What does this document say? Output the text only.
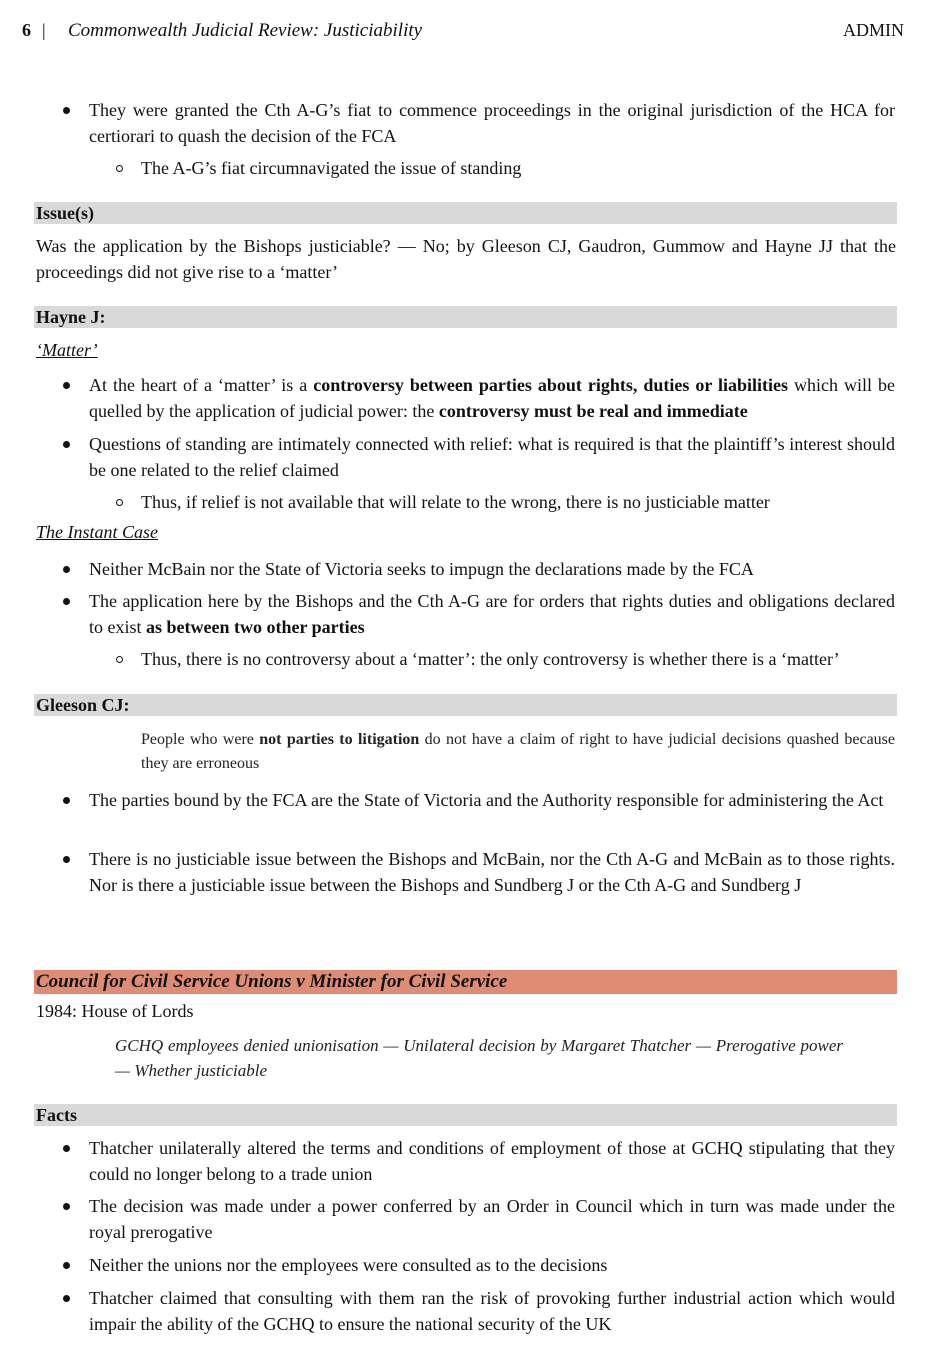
6 | Commonwealth Judicial Review: Justiciability	ADMIN
They were granted the Cth A-G’s fiat to commence proceedings in the original jurisdiction of the HCA for certiorari to quash the decision of the FCA
The A-G’s fiat circumnavigated the issue of standing
Issue(s)
Was the application by the Bishops justiciable? — No; by Gleeson CJ, Gaudron, Gummow and Hayne JJ that the proceedings did not give rise to a ‘matter’
Hayne J:
‘Matter’
At the heart of a ‘matter’ is a controversy between parties about rights, duties or liabilities which will be quelled by the application of judicial power: the controversy must be real and immediate
Questions of standing are intimately connected with relief: what is required is that the plaintiff’s interest should be one related to the relief claimed
Thus, if relief is not available that will relate to the wrong, there is no justiciable matter
The Instant Case
Neither McBain nor the State of Victoria seeks to impugn the declarations made by the FCA
The application here by the Bishops and the Cth A-G are for orders that rights duties and obligations declared to exist as between two other parties
Thus, there is no controversy about a ‘matter’: the only controversy is whether there is a ‘matter’
Gleeson CJ:
People who were not parties to litigation do not have a claim of right to have judicial decisions quashed because they are erroneous
The parties bound by the FCA are the State of Victoria and the Authority responsible for administering the Act
There is no justiciable issue between the Bishops and McBain, nor the Cth A-G and McBain as to those rights. Nor is there a justiciable issue between the Bishops and Sundberg J or the Cth A-G and Sundberg J
Council for Civil Service Unions v Minister for Civil Service
1984: House of Lords
GCHQ employees denied unionisation — Unilateral decision by Margaret Thatcher — Prerogative power — Whether justiciable
Facts
Thatcher unilaterally altered the terms and conditions of employment of those at GCHQ stipulating that they could no longer belong to a trade union
The decision was made under a power conferred by an Order in Council which in turn was made under the royal prerogative
Neither the unions nor the employees were consulted as to the decisions
Thatcher claimed that consulting with them ran the risk of provoking further industrial action which would impair the ability of the GCHQ to ensure the national security of the UK
